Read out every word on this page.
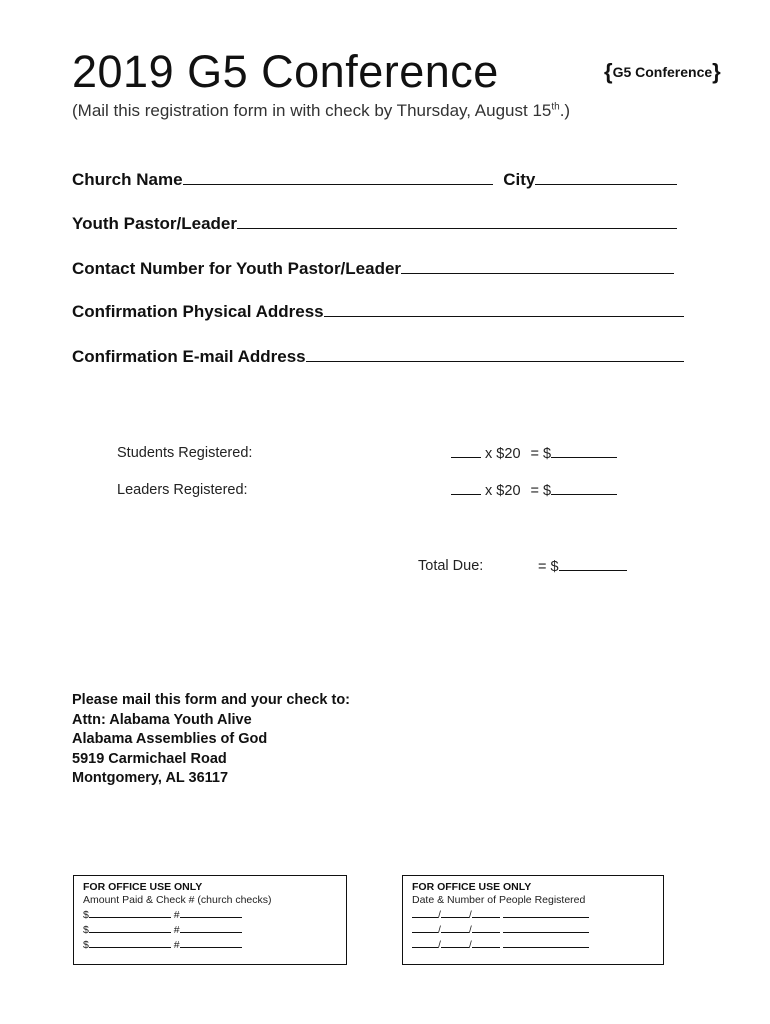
2019 G5 Conference	{G5 Conference}
(Mail this registration form in with check by Thursday, August 15th.)
Church Name	City
Youth Pastor/Leader
Contact Number for Youth Pastor/Leader
Confirmation Physical Address
Confirmation E-mail Address
Students Registered:	x $20 = $
Leaders Registered:	x $20 = $
Total Due:	= $
Please mail this form and your check to:
Attn: Alabama Youth Alive
Alabama Assemblies of God
5919 Carmichael Road
Montgomery, AL 36117
FOR OFFICE USE ONLY
Amount Paid & Check # (church checks)
$	#
$	#
$	#
FOR OFFICE USE ONLY
Date & Number of People Registered
/	/
/	/
/	/
